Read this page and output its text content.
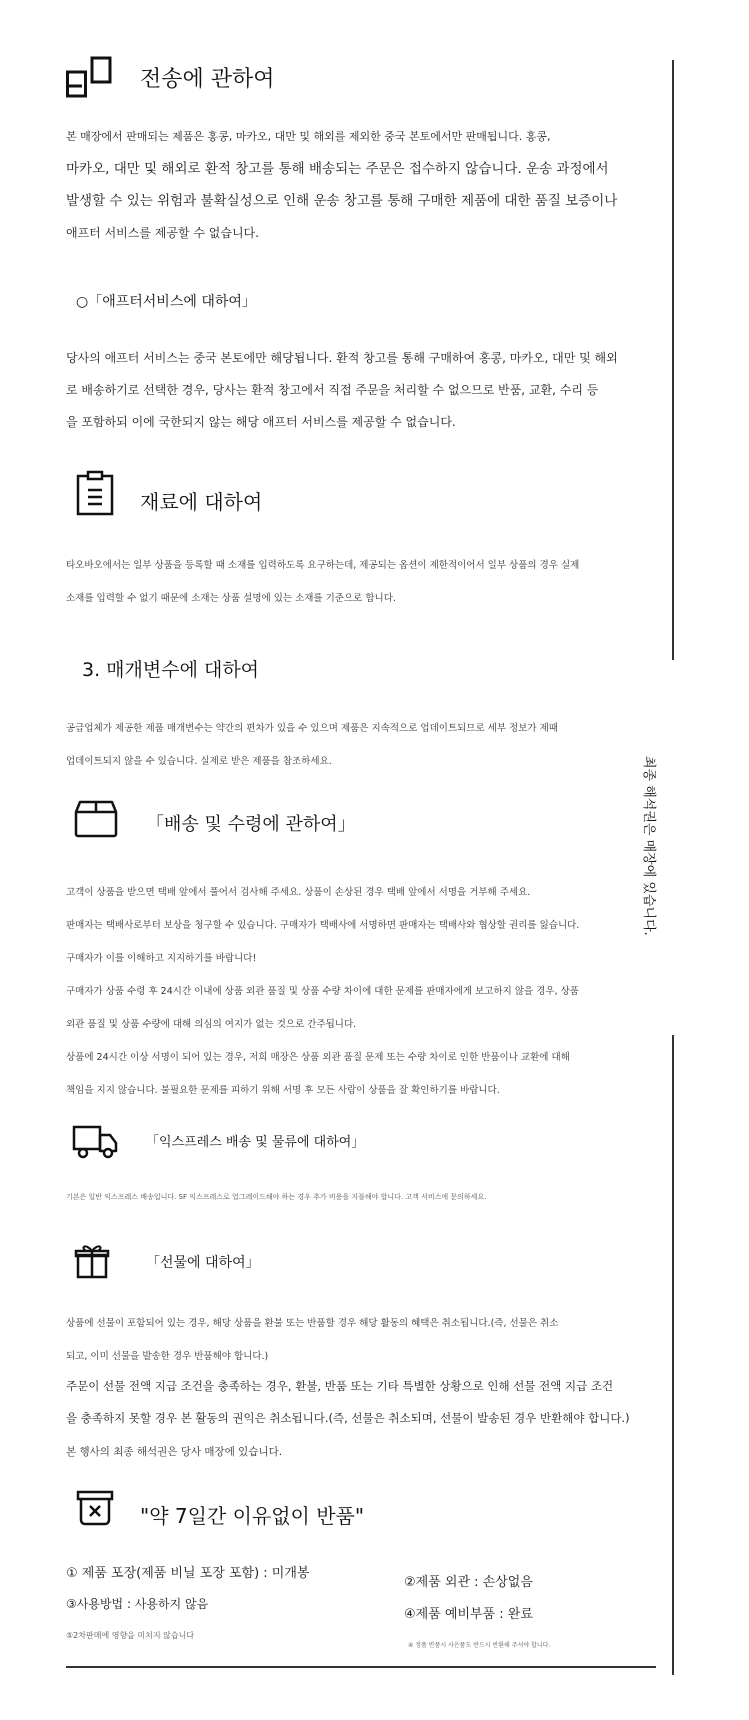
최종 해석권은 매장에 있습니다.
전송에 관하여
본 매장에서 판매되는 제품은 홍콩, 마카오, 대만 및 해외를 제외한 중국 본토에서만 판매됩니다. 홍콩,
마카오, 대만 및 해외로 환적 창고를 통해 배송되는 주문은 접수하지 않습니다. 운송 과정에서
발생할 수 있는 위험과 불확실성으로 인해 운송 창고를 통해 구매한 제품에 대한 품질 보증이나
애프터 서비스를 제공할 수 없습니다.
○「애프터서비스에 대하여」
당사의 애프터 서비스는 중국 본토에만 해당됩니다. 환적 창고를 통해 구매하여 홍콩, 마카오, 대만 및 해외
로 배송하기로 선택한 경우, 당사는 환적 창고에서 직접 주문을 처리할 수 없으므로 반품, 교환, 수리 등
을 포함하되 이에 국한되지 않는 해당 애프터 서비스를 제공할 수 없습니다.
재료에 대하여
타오바오에서는 일부 상품을 등록할 때 소재를 입력하도록 요구하는데, 제공되는 옵션이 제한적이어서 일부 상품의 경우 실제
소재를 입력할 수 없기 때문에 소재는 상품 설명에 있는 소재를 기준으로 합니다.
3. 매개변수에 대하여
공급업체가 제공한 제품 매개변수는 약간의 편차가 있을 수 있으며 제품은 지속적으로 업데이트되므로 세부 정보가 제때
업데이트되지 않을 수 있습니다. 실제로 받은 제품을 참조하세요.
「배송 및 수령에 관하여」
고객이 상품을 받으면 택배 앞에서 풀어서 검사해 주세요. 상품이 손상된 경우 택배 앞에서 서명을 거부해 주세요.
판매자는 택배사로부터 보상을 청구할 수 있습니다. 구매자가 택배사에 서명하면 판매자는 택배사와 협상할 권리를 잃습니다.
구매자가 이를 이해하고 지지하기를 바랍니다!
구매자가 상품 수령 후 24시간 이내에 상품 외관 품질 및 상품 수량 차이에 대한 문제를 판매자에게 보고하지 않을 경우, 상품
외관 품질 및 상품 수량에 대해 의심의 여지가 없는 것으로 간주됩니다.
상품에 24시간 이상 서명이 되어 있는 경우, 저희 매장은 상품 외관 품질 문제 또는 수량 차이로 인한 반품이나 교환에 대해
책임을 지지 않습니다. 불필요한 문제를 피하기 위해 서명 후 모든 사람이 상품을 잘 확인하기를 바랍니다.
「익스프레스 배송 및 물류에 대하여」
기본은 일반 익스프레스 배송입니다. SF 익스프레스로 업그레이드해야 하는 경우 추가 비용을 지불해야 합니다. 고객 서비스에 문의하세요.
「선물에 대하여」
상품에 선물이 포함되어 있는 경우, 해당 상품을 환불 또는 반품할 경우 해당 활동의 혜택은 취소됩니다.(즉, 선물은 취소
되고, 이미 선물을 발송한 경우 반품해야 합니다.)
주문이 선물 전액 지급 조건을 충족하는 경우, 환불, 반품 또는 기타 특별한 상황으로 인해 선물 전액 지급 조건
을 충족하지 못할 경우 본 활동의 권익은 취소됩니다.(즉, 선물은 취소되며, 선물이 발송된 경우 반환해야 합니다.)
본 행사의 최종 해석권은 당사 매장에 있습니다.
"약 7일간 이유없이 반품"
① 제품 포장(제품 비닐 포장 포함) : 미개봉
②제품 외관 : 손상없음
③사용방법 : 사용하지 않음
④제품 예비부품 : 완료
⑤2차판매에 영향을 미치지 않습니다
④ 정품 반품시 사은품도 반드시 반환해 주셔야 합니다.
